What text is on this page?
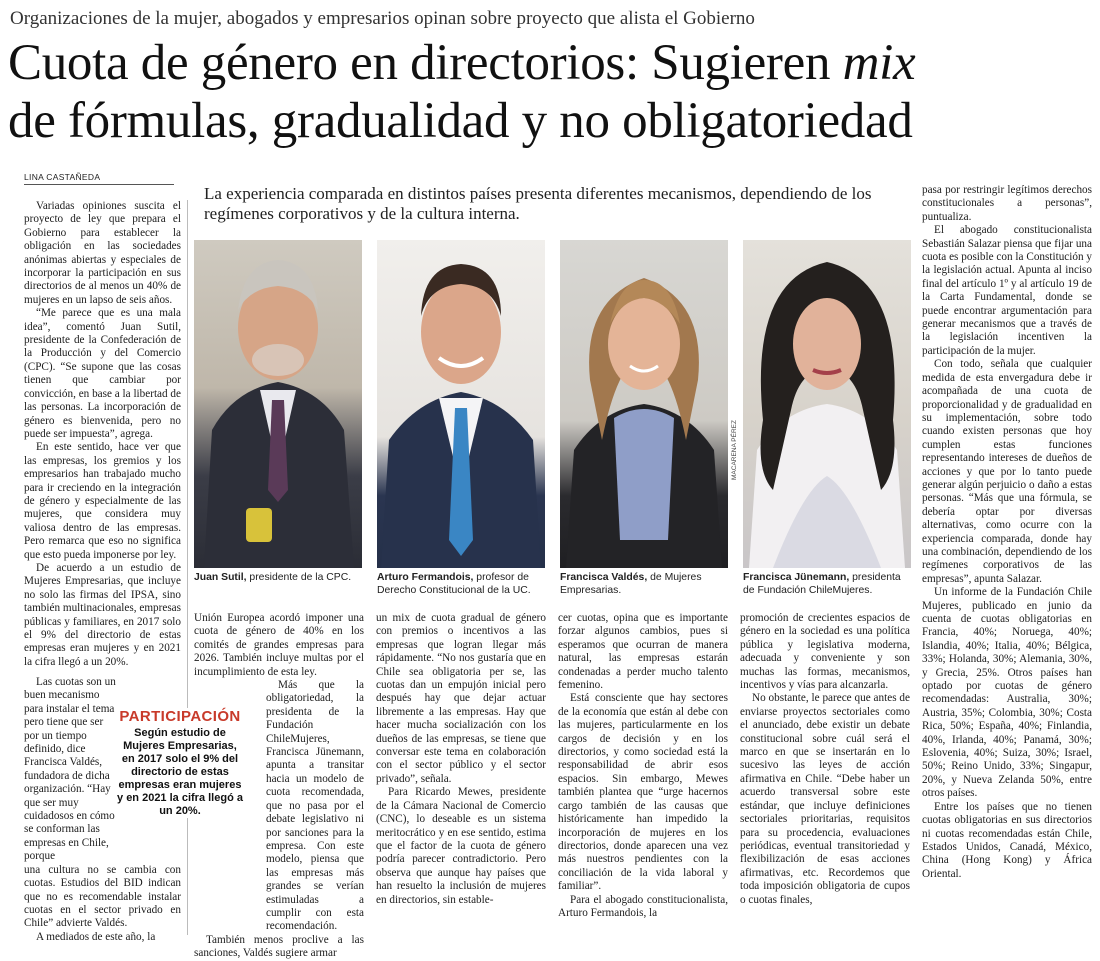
Organizaciones de la mujer, abogados y empresarios opinan sobre proyecto que alista el Gobierno
Cuota de género en directorios: Sugieren mix
de fórmulas, gradualidad y no obligatoriedad
LINA CASTAÑEDA
La experiencia comparada en distintos países presenta diferentes mecanismos, dependiendo de los regímenes corporativos y de la cultura interna.

Variadas opiniones suscita el proyecto de ley que prepara el Gobierno para establecer la obligación en las sociedades anónimas abiertas y especiales de incorporar la participación en sus directorios de al menos un 40% de mujeres en un lapso de seis años.

“Me parece que es una mala idea”, comentó Juan Sutil, presidente de la Confederación de la Producción y del Comercio (CPC). “Se supone que las cosas tienen que cambiar por convicción, en base a la libertad de las personas. La incorporación de género es bienvenida, pero no puede ser impuesta”, agrega.

En este sentido, hace ver que las empresas, los gremios y los empresarios han trabajado mucho para ir creciendo en la integración de género y especialmente de las mujeres, que considera muy valiosa dentro de las empresas. Pero remarca que eso no significa que esto pueda imponerse por ley.

De acuerdo a un estudio de Mujeres Empresarias, que incluye no solo las firmas del IPSA, sino también multinacionales, empresas públicas y familiares, en 2017 solo el 9% del directorio de estas empresas eran mujeres y en 2021 la cifra llegó a un 20%.

Las cuotas son un buen mecanismo para instalar el tema pero tiene que ser por un tiempo definido, dice Francisca Valdés, fundadora de dicha organización. “Hay que ser muy cuidadosos en cómo se conforman las empresas en Chile, porque

una cultura no se cambia con cuotas. Estudios del BID indican que no es recomendable instalar cuotas en el sector privado en Chile” advierte Valdés.

A mediados de este año, la

MACARENA PÉREZ
Juan Sutil, presidente de la CPC.	Arturo Fermandois, profesor de Derecho Constitucional de la UC.
Francisca Valdés, de Mujeres Empresarias.
Francisca Jünemann, presidenta de Fundación ChileMujeres.

Unión Europea acordó imponer una cuota de género de 40% en los comités de grandes empresas para 2026. También incluye multas por el incumplimiento de esta ley.

Más que la obligatoriedad, la presidenta de la Fundación ChileMujeres, Francisca Jünemann, apunta a transitar hacia un modelo de cuota recomendada, que no pasa por el debate legislativo ni por sanciones para la empresa. Con este modelo, piensa que las empresas más grandes se verían estimuladas a cumplir con esta recomendación.

También menos proclive a las sanciones, Valdés sugiere armar

un mix de cuota gradual de género con premios o incentivos a las empresas que logran llegar más rápidamente. “No nos gustaría que en Chile sea obligatoria per se, las cuotas dan un empujón inicial pero después hay que dejar actuar libremente a las empresas. Hay que hacer mucha socialización con los dueños de las empresas, se tiene que conversar este tema en colaboración con el sector público y el sector privado”, señala.

Para Ricardo Mewes, presidente de la Cámara Nacional de Comercio (CNC), lo deseable es un sistema meritocrático y en ese sentido, estima que el factor de la cuota de género podría parecer contradictorio. Pero observa que aunque hay países que han resuelto la inclusión de mujeres en directorios, sin estable-

cer cuotas, opina que es importante forzar algunos cambios, pues si esperamos que ocurran de manera natural, las empresas estarán condenadas a perder mucho talento femenino.

Está consciente que hay sectores de la economía que están al debe con las mujeres, particularmente en los cargos de decisión y en los directorios, y como sociedad está la responsabilidad de abrir esos espacios. Sin embargo, Mewes también plantea que “urge hacernos cargo también de las causas que históricamente han impedido la incorporación de mujeres en los directorios, donde aparecen una vez más nuestros pendientes con la conciliación de la vida laboral y familiar”.

Para el abogado constitucionalista, Arturo Fermandois, la

promoción de crecientes espacios de género en la sociedad es una política pública y legislativa moderna, adecuada y conveniente y son muchas las formas, mecanismos, incentivos y vías para alcanzarla.

No obstante, le parece que antes de enviarse proyectos sectoriales como el anunciado, debe existir un debate constitucional sobre cuál será el marco en que se insertarán en lo sucesivo las leyes de acción afirmativa en Chile. “Debe haber un acuerdo transversal sobre este estándar, que incluye definiciones sectoriales prioritarias, requisitos para su procedencia, evaluaciones periódicas, eventual transitoriedad y flexibilización de esas acciones afirmativas, etc. Recordemos que toda imposición obligatoria de cupos o cuotas finales,

pasa por restringir legítimos derechos constitucionales a personas”, puntualiza.

El abogado constitucionalista Sebastián Salazar piensa que fijar una cuota es posible con la Constitución y la legislación actual. Apunta al inciso final del artículo 1º y al artículo 19 de la Carta Fundamental, donde se puede encontrar argumentación para generar mecanismos que a través de la legislación incentiven la participación de la mujer.

Con todo, señala que cualquier medida de esta envergadura debe ir acompañada de una cuota de proporcionalidad y de gradualidad en su implementación, sobre todo cuando existen personas que hoy cumplen estas funciones representando intereses de dueños de acciones y que por lo tanto puede generar algún perjuicio o daño a estas personas. “Más que una fórmula, se debería optar por diversas alternativas, como ocurre con la experiencia comparada, donde hay una combinación, dependiendo de los regímenes corporativos de las empresas”, apunta Salazar.

Un informe de la Fundación Chile Mujeres, publicado en junio da cuenta de cuotas obligatorias en Francia, 40%; Noruega, 40%; Islandia, 40%; Italia, 40%; Bélgica, 33%; Holanda, 30%; Alemania, 30%, y Grecia, 25%. Otros países han optado por cuotas de género recomendadas: Australia, 30%; Austria, 35%; Colombia, 30%; Costa Rica, 50%; España, 40%; Finlandia, 40%, Irlanda, 40%; Panamá, 30%; Eslovenia, 40%; Suiza, 30%; Israel, 50%; Reino Unido, 33%; Singapur, 20%, y Nueva Zelanda 50%, entre otros países.

Entre los países que no tienen cuotas obligatorias en sus directorios ni cuotas recomendadas están Chile, Estados Unidos, Canadá, México, China (Hong Kong) y África Oriental.

PARTICIPACIÓN
Según estudio de Mujeres Empresarias, en 2017 solo el 9% del directorio de estas empresas eran mujeres y en 2021 la cifra llegó a un 20%.
